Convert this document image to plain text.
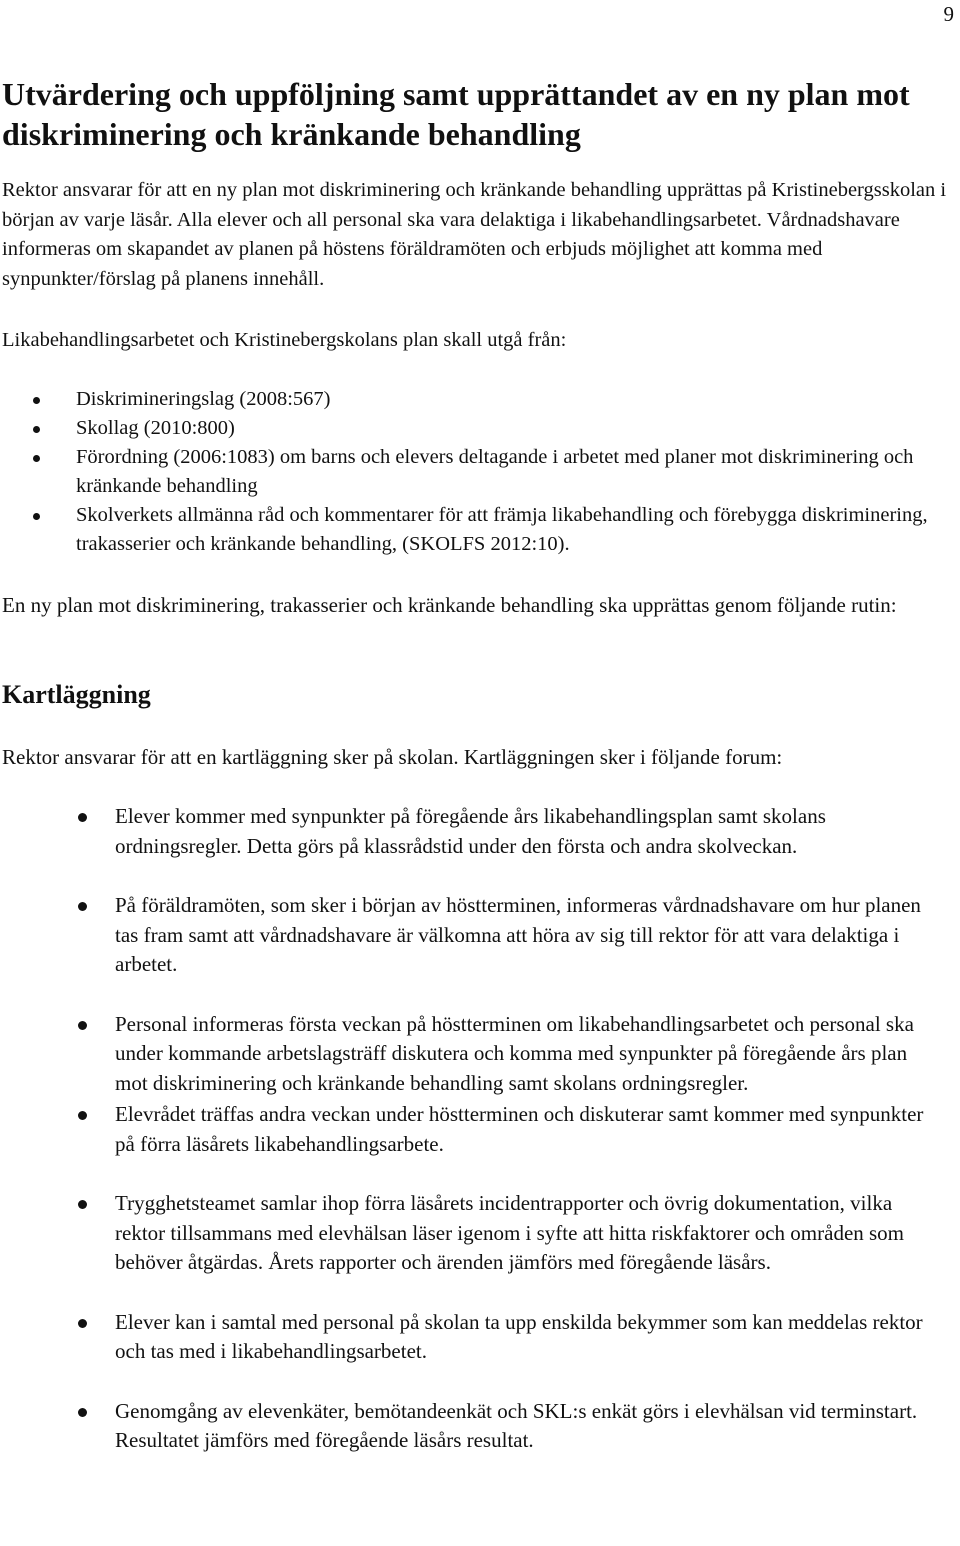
9
Utvärdering och uppföljning samt upprättandet av en ny plan mot diskriminering och kränkande behandling

Rektor ansvarar för att en ny plan mot diskriminering och kränkande behandling upprättas på Kristinebergsskolan i början av varje läsår. Alla elever och all personal ska vara delaktiga i likabehandlingsarbetet. Vårdnadshavare informeras om skapandet av planen på höstens föräldramöten och erbjuds möjlighet att komma med synpunkter/förslag på planens innehåll.

Likabehandlingsarbetet och Kristinebergskolans plan skall utgå från:

Diskrimineringslag (2008:567)
Skollag (2010:800)
Förordning (2006:1083) om barns och elevers deltagande i arbetet med planer mot diskriminering och kränkande behandling
Skolverkets allmänna råd och kommentarer för att främja likabehandling och förebygga diskriminering, trakasserier och kränkande behandling, (SKOLFS 2012:10).

En ny plan mot diskriminering, trakasserier och kränkande behandling ska upprättas genom följande rutin:

Kartläggning

Rektor ansvarar för att en kartläggning sker på skolan. Kartläggningen sker i följande forum:

Elever kommer med synpunkter på föregående års likabehandlingsplan samt skolans ordningsregler. Detta görs på klassrådstid under den första och andra skolveckan.
På föräldramöten, som sker i början av höstterminen, informeras vårdnadshavare om hur planen tas fram samt att vårdnadshavare är välkomna att höra av sig till rektor för att vara delaktiga i arbetet.
Personal informeras första veckan på höstterminen om likabehandlingsarbetet och personal ska under kommande arbetslagsträff diskutera och komma med synpunkter på föregående års plan mot diskriminering och kränkande behandling samt skolans ordningsregler.
Elevrådet träffas andra veckan under höstterminen och diskuterar samt kommer med synpunkter på förra läsårets likabehandlingsarbete.
Trygghetsteamet samlar ihop förra läsårets incidentrapporter och övrig dokumentation, vilka rektor tillsammans med elevhälsan läser igenom i syfte att hitta riskfaktorer och områden som behöver åtgärdas. Årets rapporter och ärenden jämförs med föregående läsårs.
Elever kan i samtal med personal på skolan ta upp enskilda bekymmer som kan meddelas rektor och tas med i likabehandlingsarbetet.
Genomgång av elevenkäter, bemötandeenkät och SKL:s enkät görs i elevhälsan vid terminstart. Resultatet jämförs med föregående läsårs resultat.
